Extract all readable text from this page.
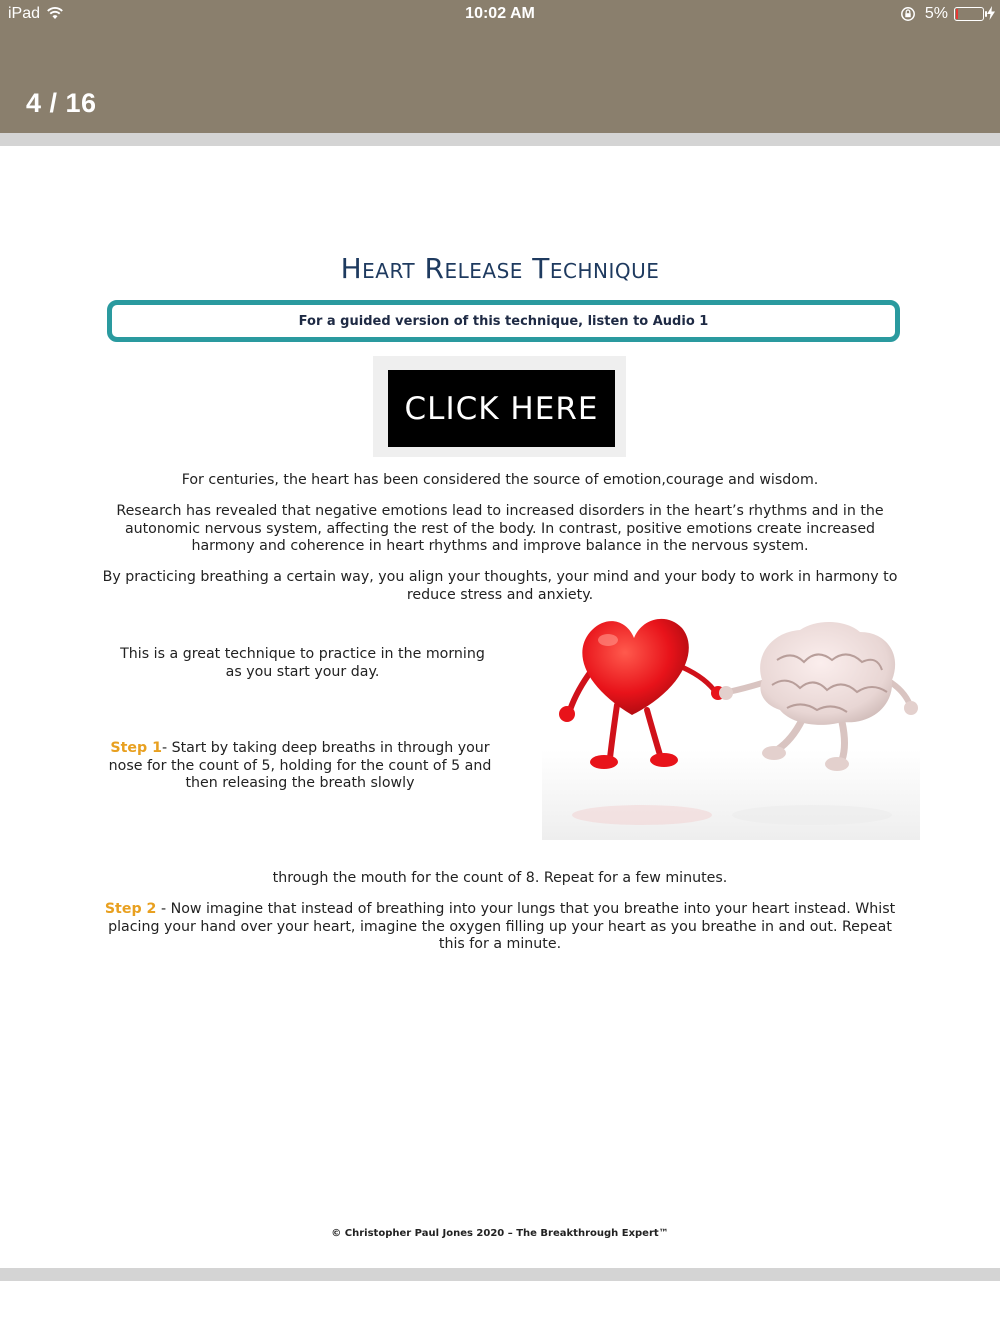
iPad	10:02 AM	5%
4 / 16
Heart Release Technique
For a guided version of this technique, listen to Audio 1
CLICK HERE
For centuries, the heart has been considered the source of emotion,courage and wisdom.
Research has revealed that negative emotions lead to increased disorders in the heart’s rhythms and in the autonomic nervous system, affecting the rest of the body. In contrast, positive emotions create increased harmony and coherence in heart rhythms and improve balance in the nervous system.
By practicing breathing a certain way, you align your thoughts, your mind and your body to work in harmony to reduce stress and anxiety.
This is a great technique to practice in the morning as you start your day.
Step 1- Start by taking deep breaths in through your nose for the count of 5, holding for the count of 5 and then releasing the breath slowly
through the mouth for the count of 8. Repeat for a few minutes.
Step 2 - Now imagine that instead of breathing into your lungs that you breathe into your heart instead. Whist placing your hand over your heart, imagine the oxygen filling up your heart as you breathe in and out. Repeat this for a minute.
© Christopher Paul Jones 2020 – The Breakthrough Expert™
